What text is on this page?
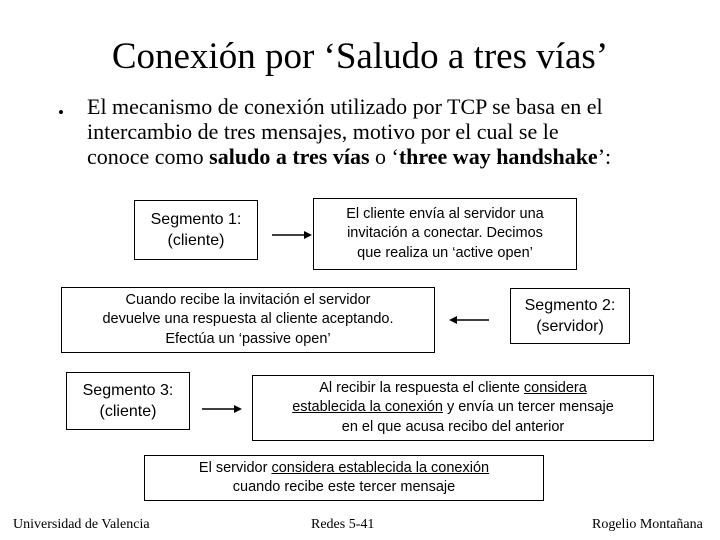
Conexión por ‘Saludo a tres vías’
• El mecanismo de conexión utilizado por TCP se basa en el
intercambio de tres mensajes, motivo por el cual se le
conoce como saludo a tres vías o ‘three way handshake’:
Segmento 1:
(cliente)
El cliente envía al servidor una
invitación a conectar. Decimos
que realiza un ‘active open’
Cuando recibe la invitación el servidor
devuelve una respuesta al cliente aceptando.
Efectúa un ‘passive open’
Segmento 2:
(servidor)
Segmento 3:
(cliente)
Al recibir la respuesta el cliente considera
establecida la conexión y envía un tercer mensaje
en el que acusa recibo del anterior
El servidor considera establecida la conexión
cuando recibe este tercer mensaje
Universidad de Valencia	Redes 5-41	Rogelio Montañana
